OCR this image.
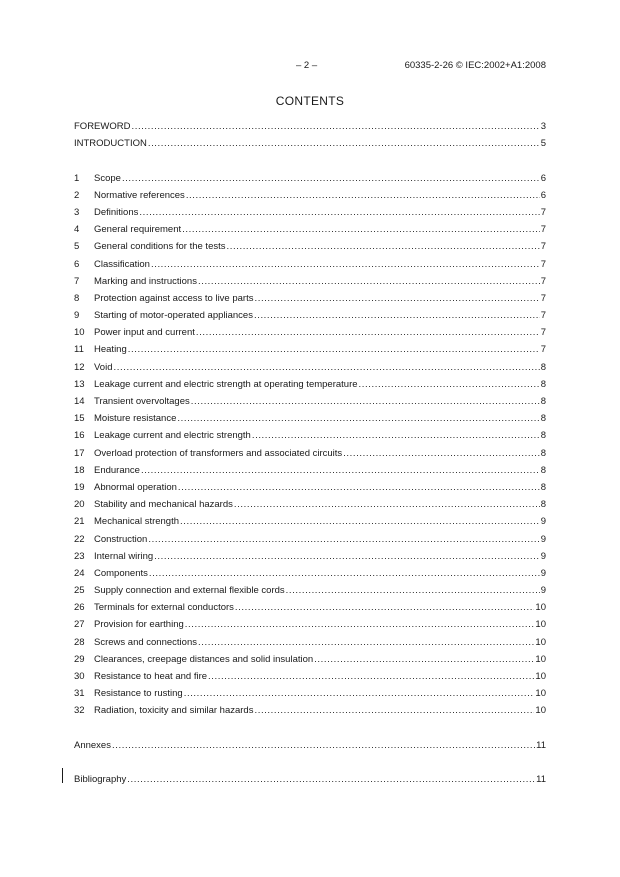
– 2 –	60335-2-26 © IEC:2002+A1:2008
CONTENTS
FOREWORD .....	3
INTRODUCTION .....	5
1	Scope .....	6
2	Normative references .....	6
3	Definitions .....	7
4	General requirement .....	7
5	General conditions for the tests .....	7
6	Classification .....	7
7	Marking and instructions .....	7
8	Protection against access to live parts .....	7
9	Starting of motor-operated appliances .....	7
10 Power input and current .....	7
11	Heating .....	7
12 Void .....	8
13 Leakage current and electric strength at operating temperature .....	8
14 Transient overvoltages .....	8
15 Moisture resistance .....	8
16 Leakage current and electric strength .....	8
17 Overload protection of transformers and associated circuits .....	8
18 Endurance .....	8
19 Abnormal operation .....	8
20 Stability and mechanical hazards .....	8
21 Mechanical strength .....	9
22 Construction .....	9
23 Internal wiring .....	9
24 Components .....	9
25 Supply connection and external flexible cords .....	9
26 Terminals for external conductors .....	10
27 Provision for earthing .....	10
28 Screws and connections .....	10
29 Clearances, creepage distances and solid insulation .....	10
30 Resistance to heat and fire .....	10
31 Resistance to rusting .....	10
32 Radiation, toxicity and similar hazards .....	10
Annexes .....	11
Bibliography .....	11
